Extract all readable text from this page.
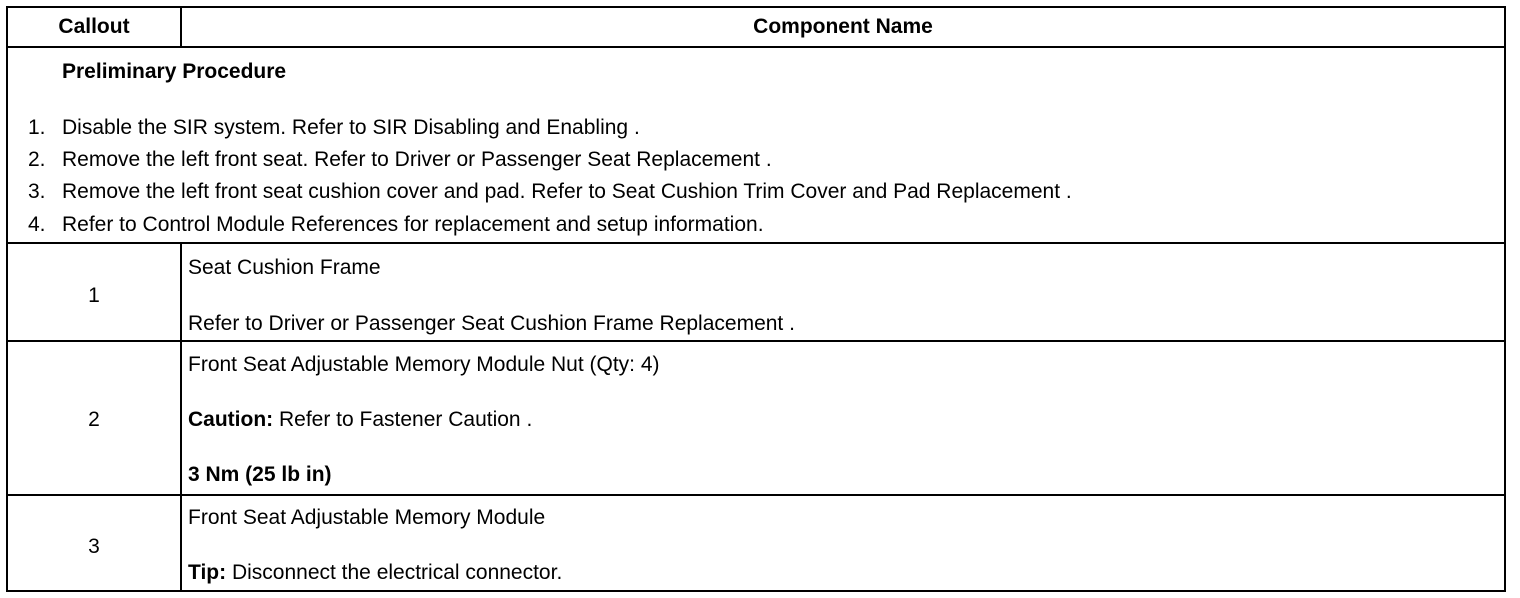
Callout	Component Name
Preliminary Procedure
1. Disable the SIR system. Refer to SIR Disabling and Enabling .
2. Remove the left front seat. Refer to Driver or Passenger Seat Replacement .
3. Remove the left front seat cushion cover and pad. Refer to Seat Cushion Trim Cover and Pad Replacement .
4. Refer to Control Module References for replacement and setup information.
1
Seat Cushion Frame
Refer to Driver or Passenger Seat Cushion Frame Replacement .
2
Front Seat Adjustable Memory Module Nut (Qty: 4)
Caution: Refer to Fastener Caution .
3 Nm (25 lb in)
3
Front Seat Adjustable Memory Module
Tip: Disconnect the electrical connector.
